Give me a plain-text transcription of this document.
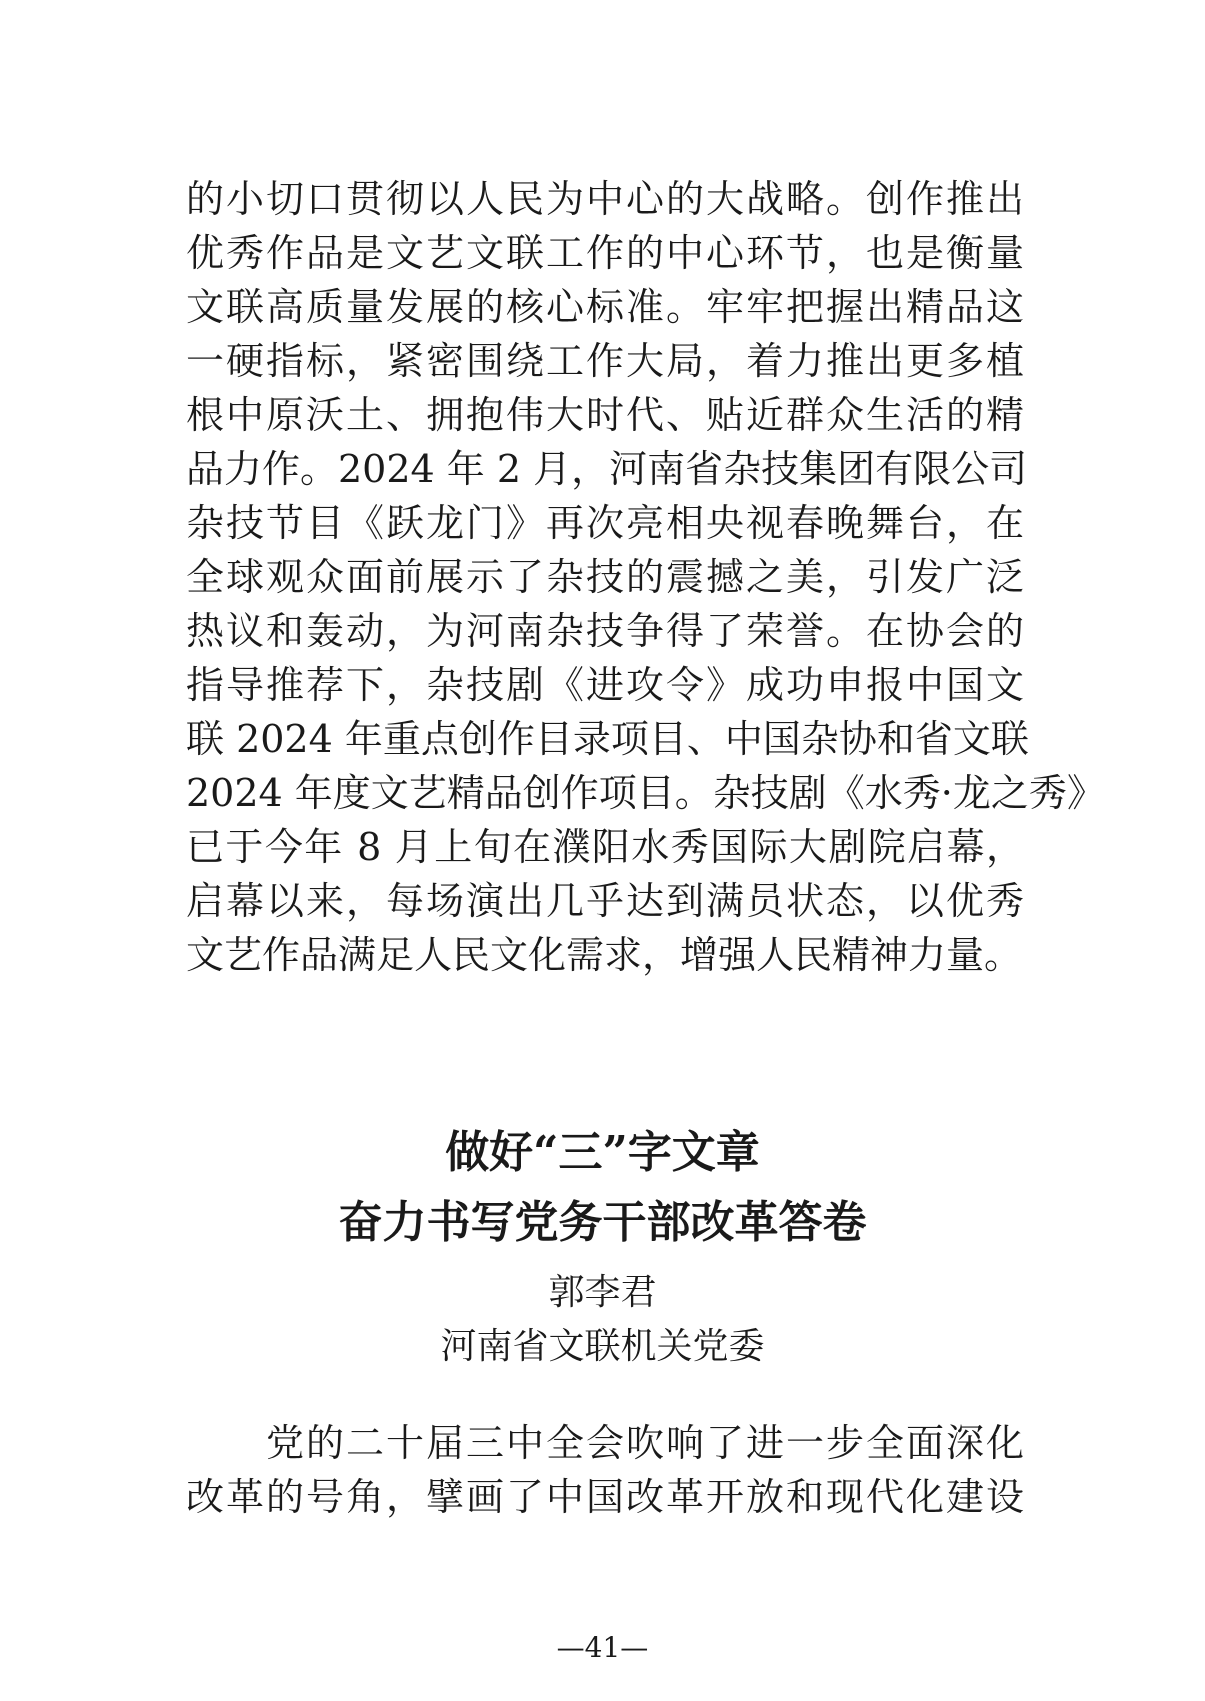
的小切口贯彻以人民为中心的大战略。创作推出
优秀作品是文艺文联工作的中心环节，也是衡量
文联高质量发展的核心标准。牢牢把握出精品这
一硬指标，紧密围绕工作大局，着力推出更多植
根中原沃土、拥抱伟大时代、贴近群众生活的精
品力作。2024 年 2 月，河南省杂技集团有限公司
杂技节目《跃龙门》再次亮相央视春晚舞台，在
全球观众面前展示了杂技的震撼之美，引发广泛
热议和轰动，为河南杂技争得了荣誉。在协会的
指导推荐下，杂技剧《进攻令》成功申报中国文
联 2024 年重点创作目录项目、中国杂协和省文联
2024 年度文艺精品创作项目。杂技剧《水秀·龙之秀》
已于今年 8 月上旬在濮阳水秀国际大剧院启幕，
启幕以来，每场演出几乎达到满员状态，以优秀
文艺作品满足人民文化需求，增强人民精神力量。
做好“三”字文章
奋力书写党务干部改革答卷
郭李君
河南省文联机关党委
　　党的二十届三中全会吹响了进一步全面深化
改革的号角，擘画了中国改革开放和现代化建设
—41—
